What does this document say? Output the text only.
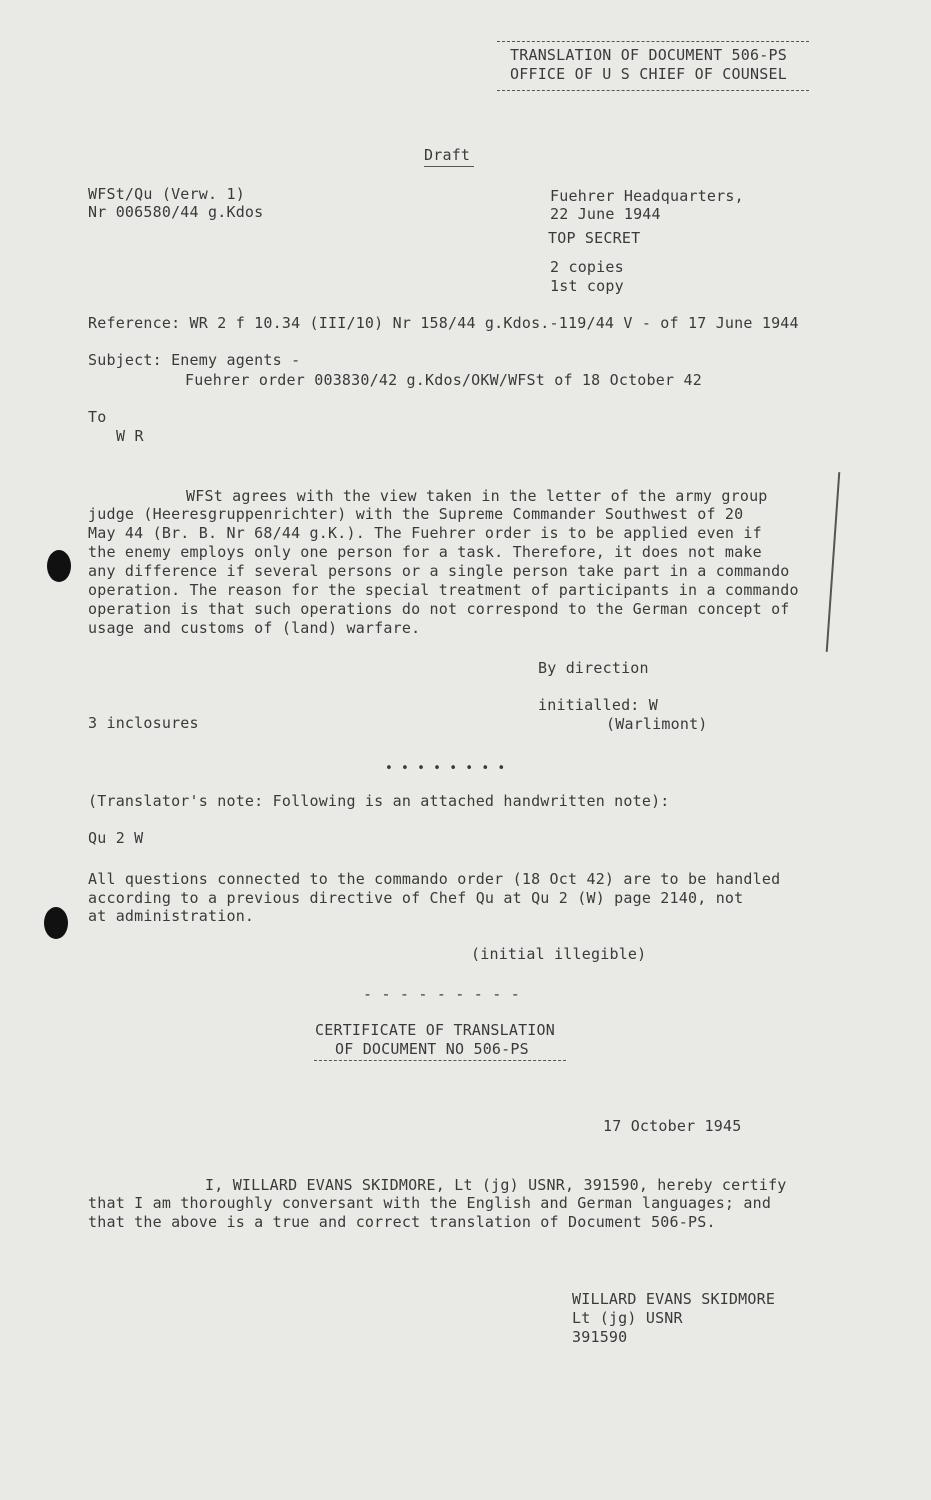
TRANSLATION OF DOCUMENT 506-PS
OFFICE OF U S CHIEF OF COUNSEL
Draft
WFSt/Qu (Verw. 1)
Nr 006580/44 g.Kdos
Fuehrer Headquarters,
22 June 1944
TOP SECRET
2 copies
1st copy
Reference: WR 2 f 10.34 (III/10) Nr 158/44 g.Kdos.-119/44 V - of 17 June 1944
Subject: Enemy agents -
Fuehrer order 003830/42 g.Kdos/OKW/WFSt of 18 October 42
To
W R
WFSt agrees with the view taken in the letter of the army group
judge (Heeresgruppenrichter) with the Supreme Commander Southwest of 20
May 44 (Br. B. Nr 68/44 g.K.). The Fuehrer order is to be applied even if
the enemy employs only one person for a task. Therefore, it does not make
any difference if several persons or a single person take part in a commando
operation. The reason for the special treatment of participants in a commando
operation is that such operations do not correspond to the German concept of
usage and customs of (land) warfare.
By direction
initialled: W
(Warlimont)
3 inclosures
• • • • • • • •
(Translator's note: Following is an attached handwritten note):
Qu 2 W
All questions connected to the commando order (18 Oct 42) are to be handled
according to a previous directive of Chef Qu at Qu 2 (W) page 2140, not
at administration.
(initial illegible)
- - - - - - - - -
CERTIFICATE OF TRANSLATION
OF DOCUMENT NO 506-PS
17 October 1945
I, WILLARD EVANS SKIDMORE, Lt (jg) USNR, 391590, hereby certify
that I am thoroughly conversant with the English and German languages; and
that the above is a true and correct translation of Document 506-PS.
WILLARD EVANS SKIDMORE
Lt (jg) USNR
391590
